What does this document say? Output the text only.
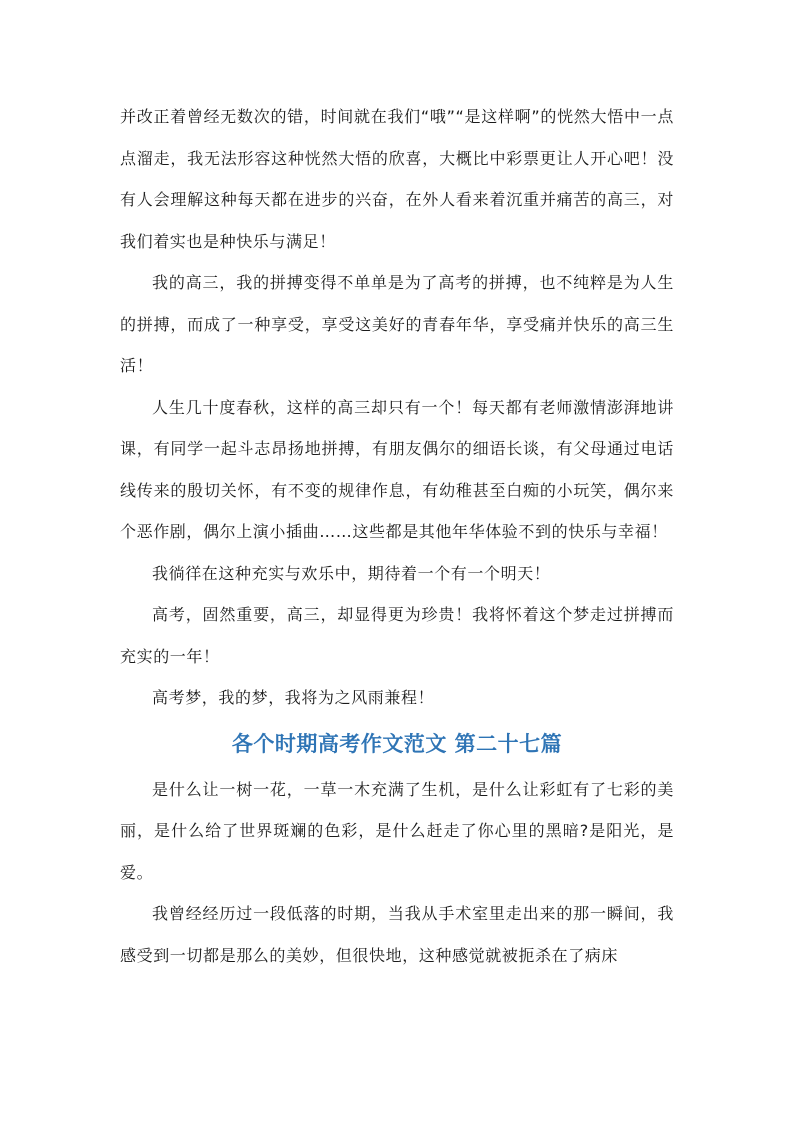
并改正着曾经无数次的错，时间就在我们“哦”“是这样啊”的恍然大悟中一点点溜走，我无法形容这种恍然大悟的欣喜，大概比中彩票更让人开心吧！没有人会理解这种每天都在进步的兴奋，在外人看来着沉重并痛苦的高三，对我们着实也是种快乐与满足！

我的高三，我的拼搏变得不单单是为了高考的拼搏，也不纯粹是为人生的拼搏，而成了一种享受，享受这美好的青春年华，享受痛并快乐的高三生活！

人生几十度春秋，这样的高三却只有一个！每天都有老师激情澎湃地讲课，有同学一起斗志昂扬地拼搏，有朋友偶尔的细语长谈，有父母通过电话线传来的殷切关怀，有不变的规律作息，有幼稚甚至白痴的小玩笑，偶尔来个恶作剧，偶尔上演小插曲……这些都是其他年华体验不到的快乐与幸福！

我徜徉在这种充实与欢乐中，期待着一个有一个明天！

高考，固然重要，高三，却显得更为珍贵！我将怀着这个梦走过拼搏而充实的一年！

高考梦，我的梦，我将为之风雨兼程！

各个时期高考作文范文 第二十七篇

是什么让一树一花，一草一木充满了生机，是什么让彩虹有了七彩的美丽，是什么给了世界斑斓的色彩，是什么赶走了你心里的黑暗?是阳光，是爱。

我曾经经历过一段低落的时期，当我从手术室里走出来的那一瞬间，我感受到一切都是那么的美妙，但很快地，这种感觉就被扼杀在了病床
